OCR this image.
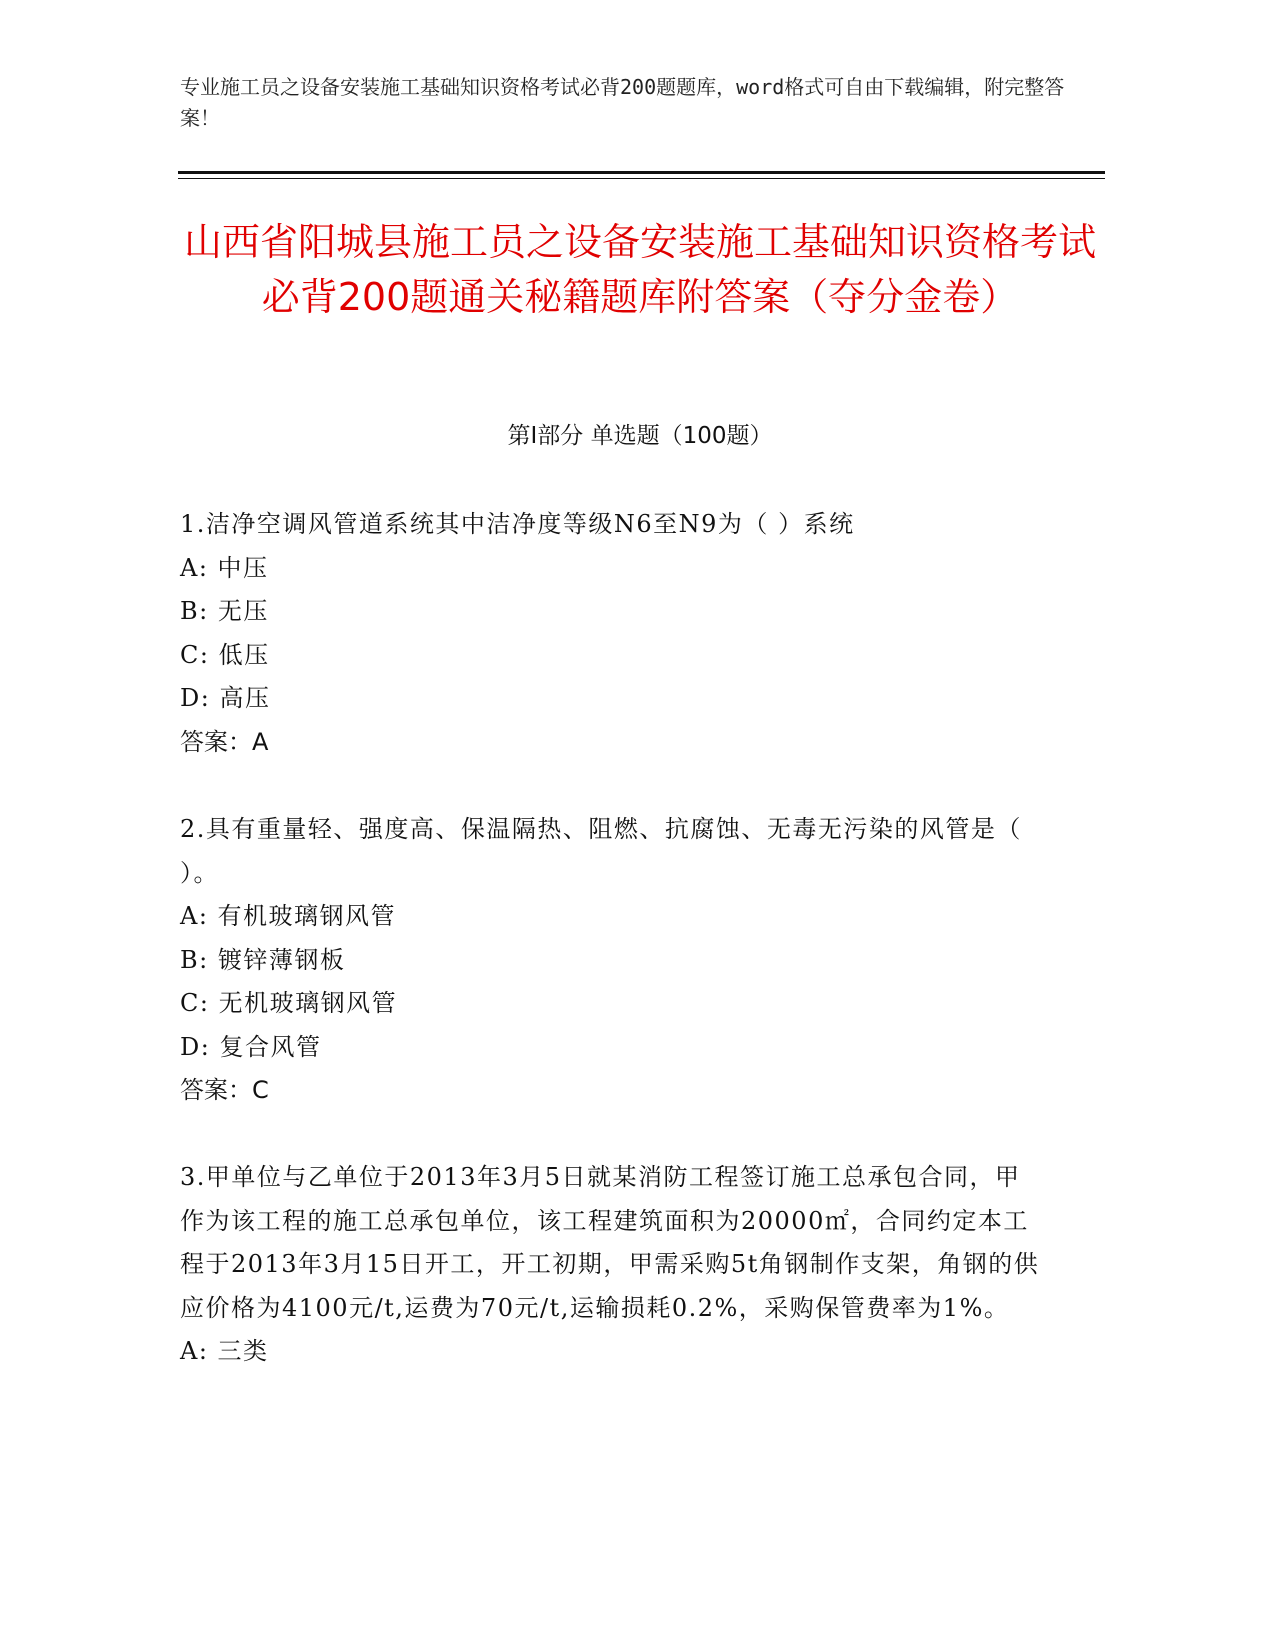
专业施工员之设备安装施工基础知识资格考试必背200题题库，word格式可自由下载编辑，附完整答案！
山西省阳城县施工员之设备安装施工基础知识资格考试必背200题通关秘籍题库附答案（夺分金卷）
第Ⅰ部分 单选题（100题）

1.洁净空调风管道系统其中洁净度等级N6至N9为（ ）系统

A: 中压

B: 无压

C: 低压

D: 高压

答案：A

2.具有重量轻、强度高、保温隔热、阻燃、抗腐蚀、无毒无污染的风管是（ ）。

A: 有机玻璃钢风管

B: 镀锌薄钢板

C: 无机玻璃钢风管

D: 复合风管

答案：C

3.甲单位与乙单位于2013年3月5日就某消防工程签订施工总承包合同，甲作为该工程的施工总承包单位，该工程建筑面积为20000㎡，合同约定本工程于2013年3月15日开工，开工初期，甲需采购5t角钢制作支架，角钢的供应价格为4100元/t,运费为70元/t,运输损耗0.2%，采购保管费率为1%。

A: 三类
